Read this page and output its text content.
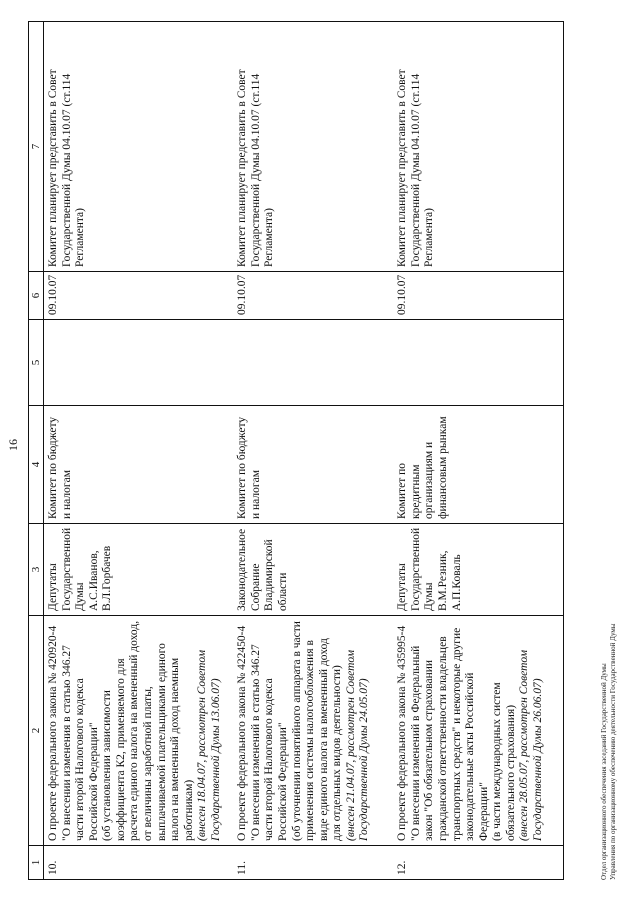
16
1	2	3	4	5	6	7
10.	О проекте федерального закона № 420920-4 "О внесении изменения в статью 346.27 части второй Налогового кодекса Российской Федерации" (об установлении зависимости коэффициента К2, применяемого для расчета единого налога на вмененный доход, от величины заработной платы, выплачиваемой плательщиками единого налога на вмененный доход наемным работникам) (внесен 18.04.07, рассмотрен Советом Государственной Думы 13.06.07)	Депутаты Государственной Думы А.С.Иванов, В.Л.Горбачев	Комитет по бюджету и налогам		09.10.07	Комитет планирует представить в Совет Государственной Думы 04.10.07 (ст.114 Регламента)
11.	О проекте федерального закона № 422450-4 "О внесении изменений в статью 346.27 части второй Налогового кодекса Российской Федерации" (об уточнении понятийного аппарата в части применения системы налогообложения в виде единого налога на вмененный доход для отдельных видов деятельности) (внесен 21.04.07, рассмотрен Советом Государственной Думы 24.05.07)	Законодательное Собрание Владимирской области	Комитет по бюджету и налогам		09.10.07	Комитет планирует представить в Совет Государственной Думы 04.10.07 (ст.114 Регламента)
12.	О проекте федерального закона № 435995-4 "О внесении изменений в Федеральный закон "Об обязательном страховании гражданской ответственности владельцев транспортных средств" и некоторые другие законодательные акты Российской Федерации" (в части международных систем обязательного страхования) (внесен 28.05.07, рассмотрен Советом Государственной Думы 26.06.07)	Депутаты Государственной Думы В.М.Резник, А.П.Коваль	Комитет по кредитным организациям и финансовым рынкам		09.10.07	Комитет планирует представить в Совет Государственной Думы 04.10.07 (ст.114 Регламента)
Отдел организационного обеспечения заседаний Государственной Думы Управления по организационному обеспечению деятельности Государственной Думы
